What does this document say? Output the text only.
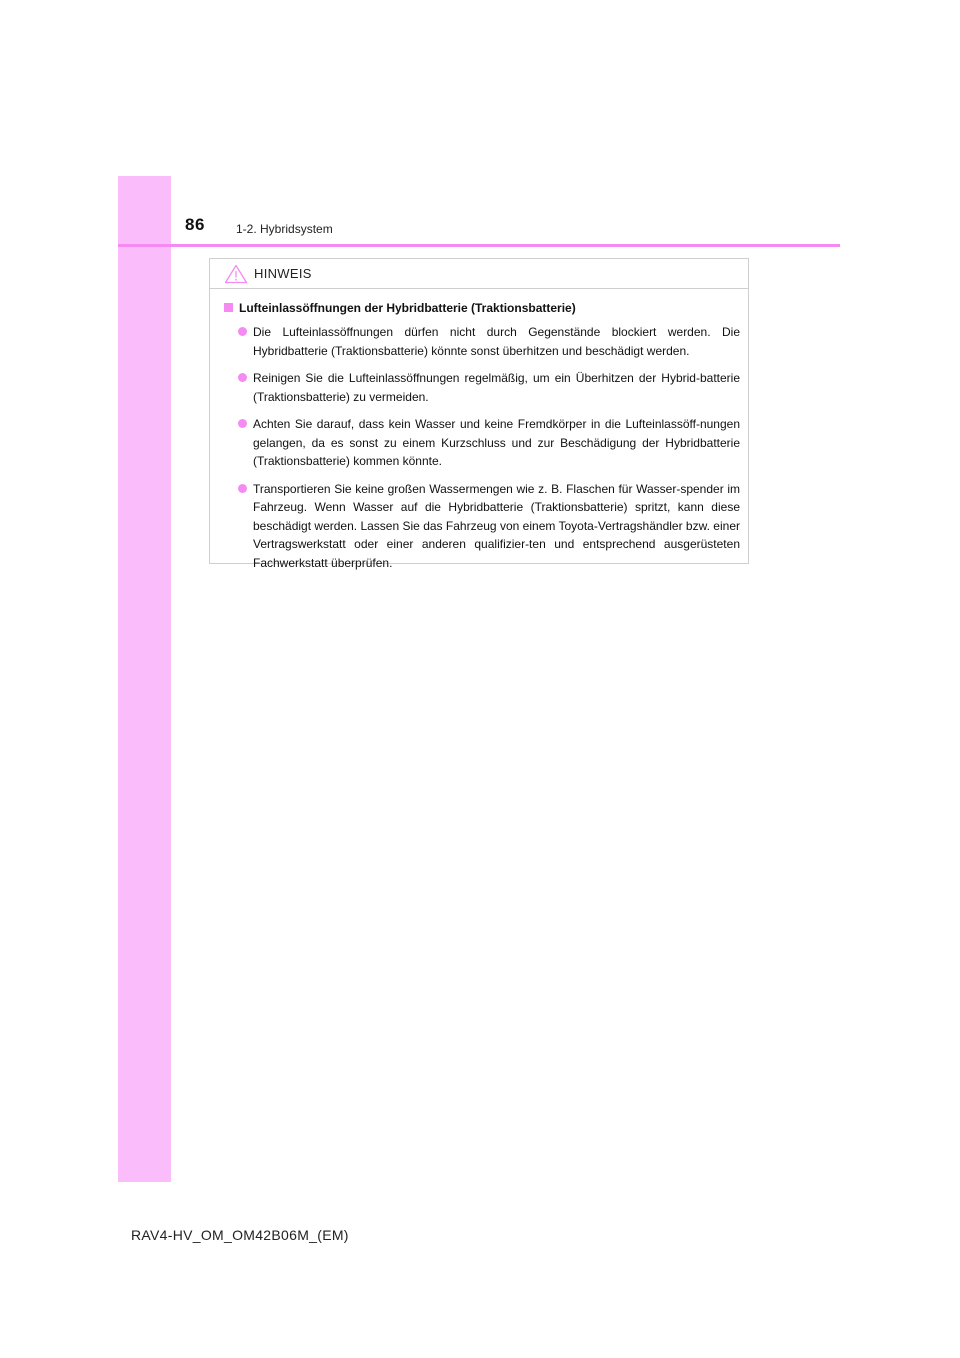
86	1-2. Hybridsystem
HINWEIS
Lufteinlassöffnungen der Hybridbatterie (Traktionsbatterie)
Die Lufteinlassöffnungen dürfen nicht durch Gegenstände blockiert werden. Die Hybridbatterie (Traktionsbatterie) könnte sonst überhitzen und beschädigt werden.
Reinigen Sie die Lufteinlassöffnungen regelmäßig, um ein Überhitzen der Hybrid-batterie (Traktionsbatterie) zu vermeiden.
Achten Sie darauf, dass kein Wasser und keine Fremdkörper in die Lufteinlassöff-nungen gelangen, da es sonst zu einem Kurzschluss und zur Beschädigung der Hybridbatterie (Traktionsbatterie) kommen könnte.
Transportieren Sie keine großen Wassermengen wie z. B. Flaschen für Wasser-spender im Fahrzeug. Wenn Wasser auf die Hybridbatterie (Traktionsbatterie) spritzt, kann diese beschädigt werden. Lassen Sie das Fahrzeug von einem Toyota-Vertragshändler bzw. einer Vertragswerkstatt oder einer anderen qualifizier-ten und entsprechend ausgerüsteten Fachwerkstatt überprüfen.
RAV4-HV_OM_OM42B06M_(EM)
